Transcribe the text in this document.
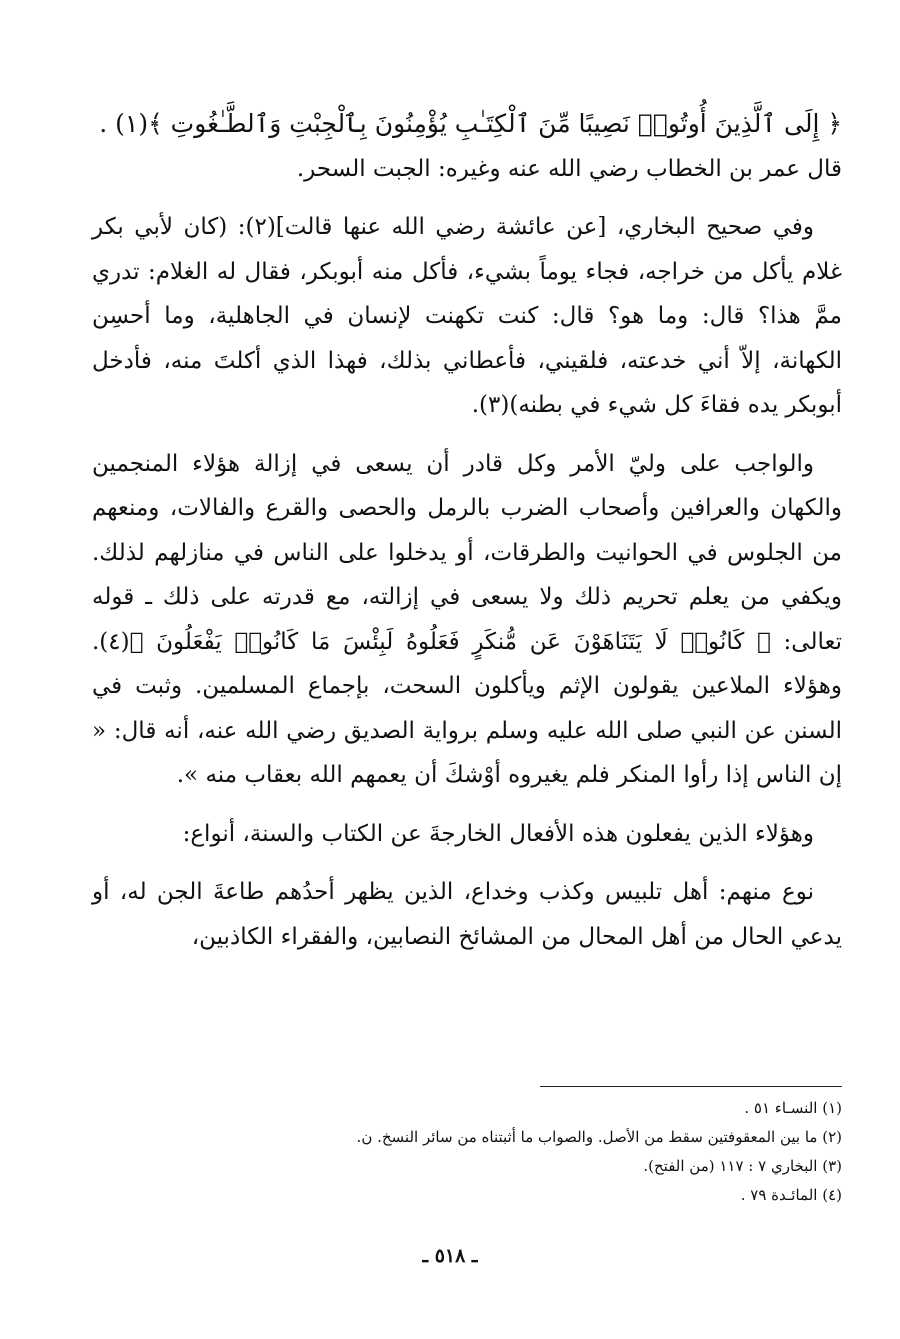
﴿ إِلَى ٱلَّذِينَ أُوتُوا۟ نَصِيبًا مِّنَ ٱلْكِتَـٰبِ يُؤْمِنُونَ بِٱلْجِبْتِ وَٱلطَّـٰغُوتِ ﴾(١) .

قال عمر بن الخطاب رضي الله عنه وغيره: الجبت السحر.

وفي صحيح البخاري، [عن عائشة رضي الله عنها قالت](٢): (كان لأبي بكر غلام يأكل من خراجه، فجاء يوماً بشيء، فأكل منه أبوبكر، فقال له الغلام: تدري ممَّ هذا؟ قال: وما هو؟ قال: كنت تكهنت لإنسان في الجاهلية، وما أحسِن الكهانة، إلاّ أني خدعته، فلقيني، فأعطاني بذلك، فهذا الذي أكلتَ منه، فأدخل أبوبكر يده فقاءَ كل شيء في بطنه)(٣).

والواجب على وليّ الأمر وكل قادر أن يسعى في إزالة هؤلاء المنجمين والكهان والعرافين وأصحاب الضرب بالرمل والحصى والقرع والفالات، ومنعهم من الجلوس في الحوانيت والطرقات، أو يدخلوا على الناس في منازلهم لذلك. ويكفي من يعلم تحريم ذلك ولا يسعى في إزالته، مع قدرته على ذلك ـ قوله تعالى: ﴿ كَانُوا۟ لَا يَتَنَاهَوْنَ عَن مُّنكَرٍ فَعَلُوهُ لَبِئْسَ مَا كَانُوا۟ يَفْعَلُونَ ﴾(٤). وهؤلاء الملاعين يقولون الإثم ويأكلون السحت، بإجماع المسلمين. وثبت في السنن عن النبي صلى الله عليه وسلم برواية الصديق رضي الله عنه، أنه قال: « إن الناس إذا رأوا المنكر فلم يغيروه أوْشكَ أن يعمهم الله بعقاب منه ».

وهؤلاء الذين يفعلون هذه الأفعال الخارجةَ عن الكتاب والسنة، أنواع:

نوع منهم: أهل تلبيس وكذب وخداع، الذين يظهر أحدُهم طاعةَ الجن له، أو يدعي الحال من أهل المحال من المشائخ النصابين، والفقراء الكاذبين،

(١) النسـاء ٥١ .
(٢) ما بين المعقوفتين سقط من الأصل. والصواب ما أثبتناه من سائر النسخ. ن.
(٣) البخاري ٧ : ١١٧ (من الفتح).
(٤) المائـدة ٧٩ .
ـ ٥١٨ ـ
